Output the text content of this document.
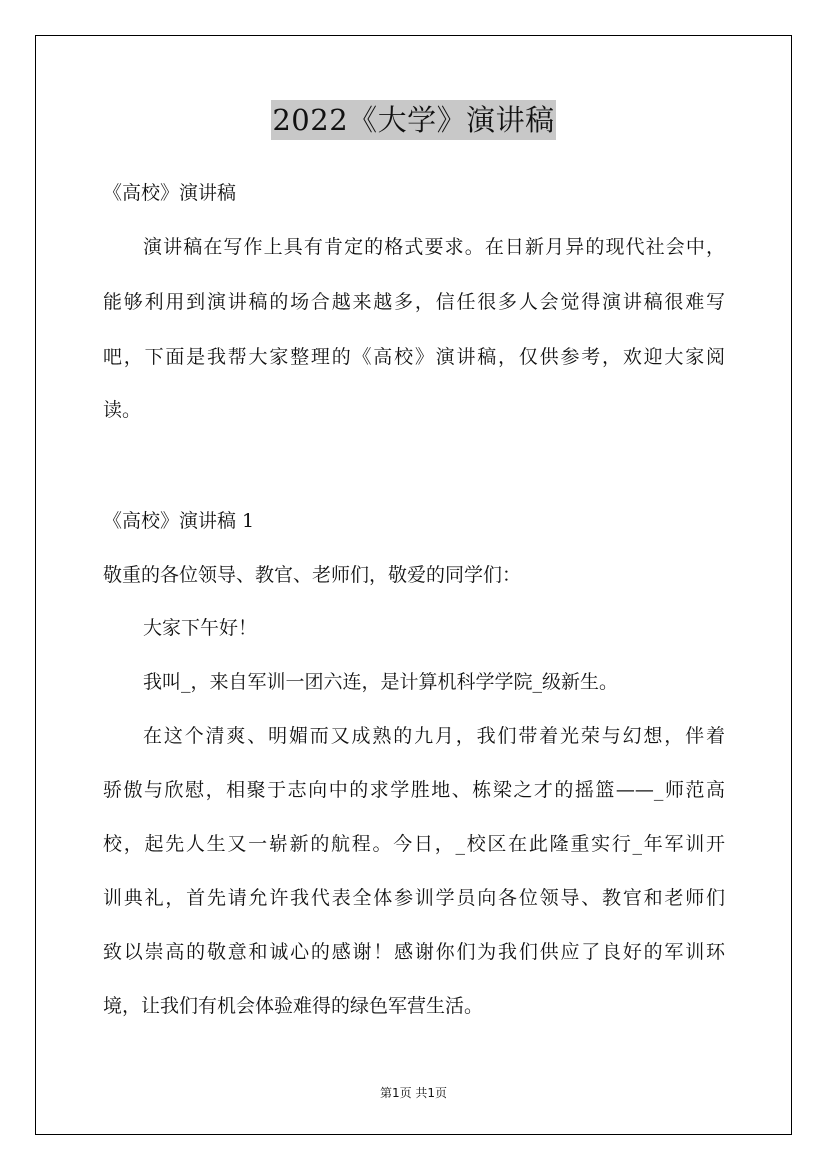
2022《大学》演讲稿
《高校》演讲稿
演讲稿在写作上具有肯定的格式要求。在日新月异的现代社会中，
能够利用到演讲稿的场合越来越多，信任很多人会觉得演讲稿很难写
吧，下面是我帮大家整理的《高校》演讲稿，仅供参考，欢迎大家阅
读。
《高校》演讲稿 1
敬重的各位领导、教官、老师们，敬爱的同学们：
大家下午好！
我叫_，来自军训一团六连，是计算机科学学院_级新生。
在这个清爽、明媚而又成熟的九月，我们带着光荣与幻想，伴着
骄傲与欣慰，相聚于志向中的求学胜地、栋梁之才的摇篮——_师范高
校，起先人生又一崭新的航程。今日，_校区在此隆重实行_年军训开
训典礼，首先请允许我代表全体参训学员向各位领导、教官和老师们
致以崇高的敬意和诚心的感谢！感谢你们为我们供应了良好的军训环
境，让我们有机会体验难得的绿色军营生活。
第1页 共1页
